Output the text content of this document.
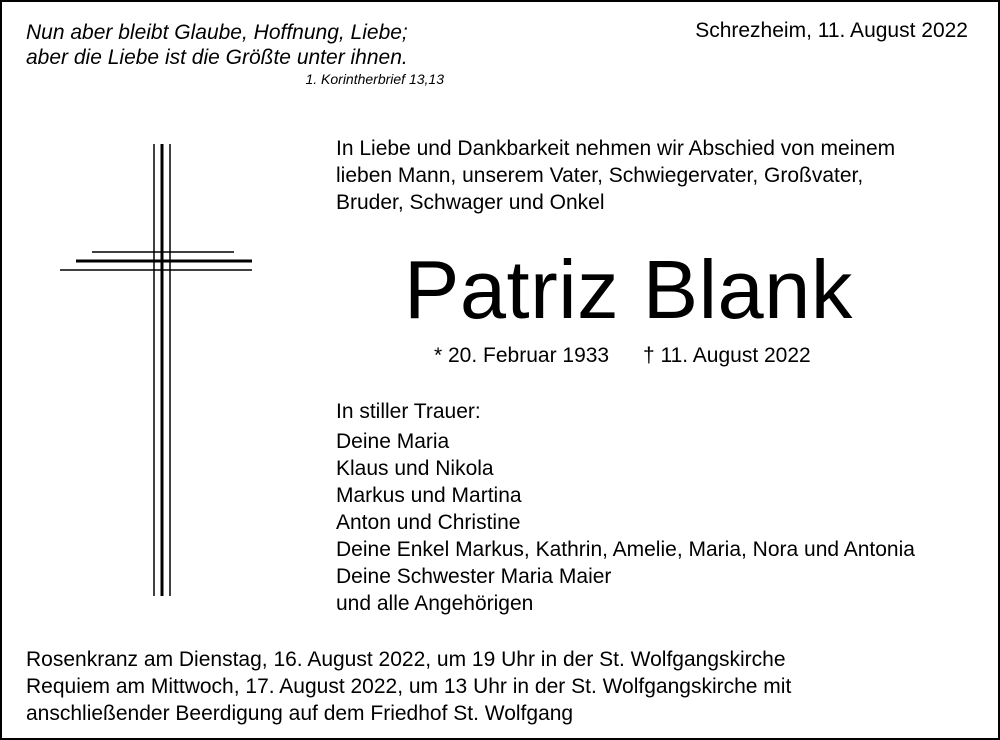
Nun aber bleibt Glaube, Hoffnung, Liebe;
aber die Liebe ist die Größte unter ihnen.
1. Korintherbrief 13,13
Schrezheim, 11. August 2022
In Liebe und Dankbarkeit nehmen wir Abschied von meinem
lieben Mann, unserem Vater, Schwiegervater, Großvater,
Bruder, Schwager und Onkel
Patriz Blank
* 20. Februar 1933 † 11. August 2022
In stiller Trauer:
Deine Maria
Klaus und Nikola
Markus und Martina
Anton und Christine
Deine Enkel Markus, Kathrin, Amelie, Maria, Nora und Antonia
Deine Schwester Maria Maier
und alle Angehörigen
Rosenkranz am Dienstag, 16. August 2022, um 19 Uhr in der St. Wolfgangskirche
Requiem am Mittwoch, 17. August 2022, um 13 Uhr in der St. Wolfgangskirche mit
anschließender Beerdigung auf dem Friedhof St. Wolfgang
